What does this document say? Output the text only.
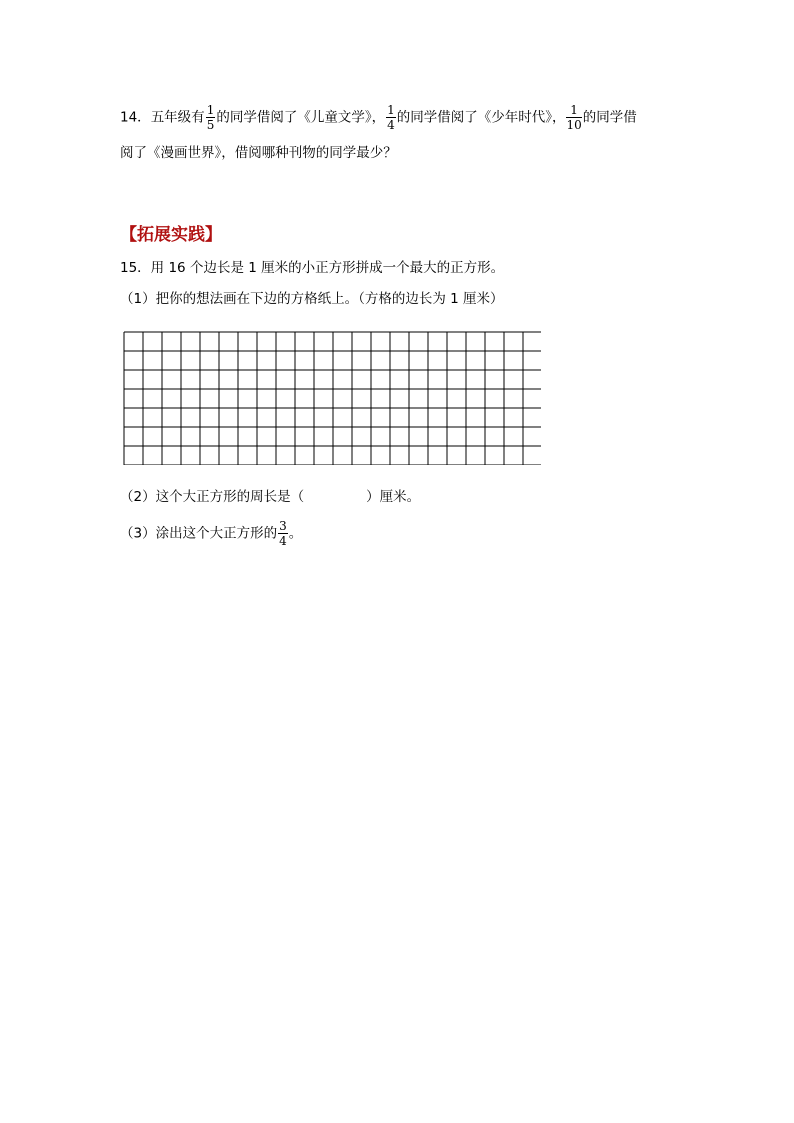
14．五年级有 $\frac{1}{5}$ 的同学借阅了《儿童文学》， $\frac{1}{4}$ 的同学借阅了《少年时代》， $\frac{1}{10}$ 的同学借
阅了《漫画世界》，借阅哪种刊物的同学最少？
【拓展实践】
15．用 16 个边长是 1 厘米的小正方形拼成一个最大的正方形。
（1）把你的想法画在下边的方格纸上。（方格的边长为 1 厘米）
（2）这个大正方形的周长是（	）厘米。
（3）涂出这个大正方形的 $\frac{3}{4}$ 。
